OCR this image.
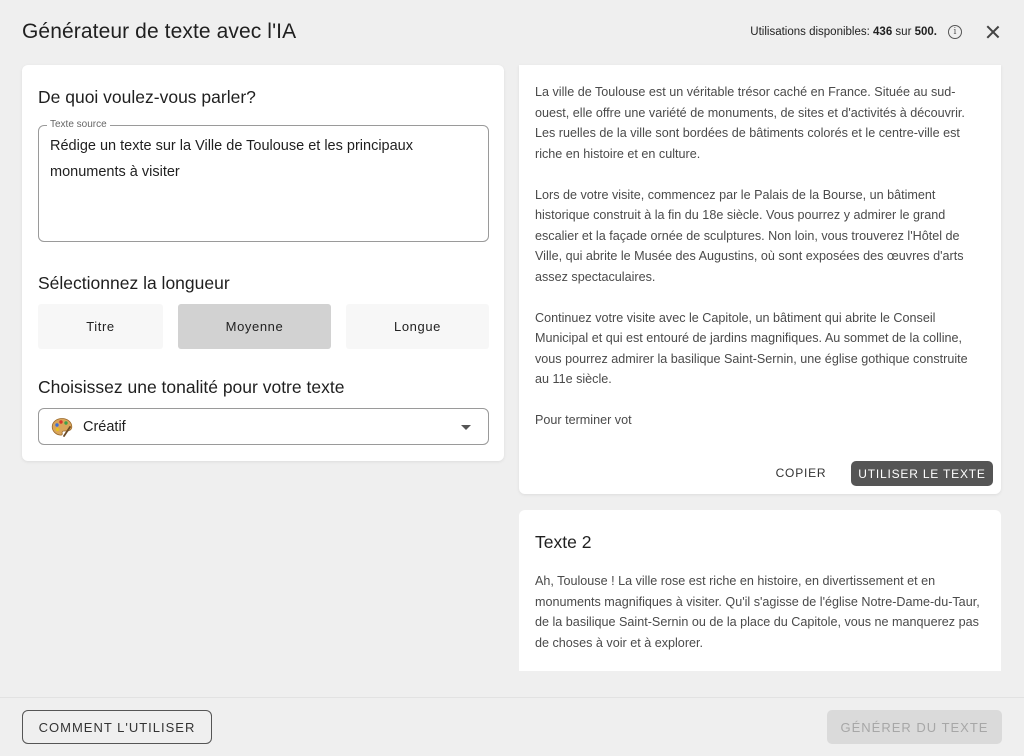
Générateur de texte avec l'IA	Utilisations disponibles: 436 sur 500.	i
De quoi voulez-vous parler?
Texte source
Rédige un texte sur la Ville de Toulouse et les principaux monuments à visiter
Sélectionnez la longueur
Titre	Moyenne	Longue
Choisissez une tonalité pour votre texte
Créatif

La ville de Toulouse est un véritable trésor caché en France. Située au sud-ouest, elle offre une variété de monuments, de sites et d'activités à découvrir. Les ruelles de la ville sont bordées de bâtiments colorés et le centre-ville est riche en histoire et en culture.

Lors de votre visite, commencez par le Palais de la Bourse, un bâtiment historique construit à la fin du 18e siècle. Vous pourrez y admirer le grand escalier et la façade ornée de sculptures. Non loin, vous trouverez l'Hôtel de Ville, qui abrite le Musée des Augustins, où sont exposées des œuvres d'arts assez spectaculaires.

Continuez votre visite avec le Capitole, un bâtiment qui abrite le Conseil Municipal et qui est entouré de jardins magnifiques. Au sommet de la colline, vous pourrez admirer la basilique Saint-Sernin, une église gothique construite au 11e siècle.

Pour terminer vot

COPIER	UTILISER LE TEXTE
Texte 2
Ah, Toulouse ! La ville rose est riche en histoire, en divertissement et en monuments magnifiques à visiter. Qu'il s'agisse de l'église Notre-Dame-du-Taur, de la basilique Saint-Sernin ou de la place du Capitole, vous ne manquerez pas de choses à voir et à explorer.
COMMENT L'UTILISER	GÉNÉRER DU TEXTE
